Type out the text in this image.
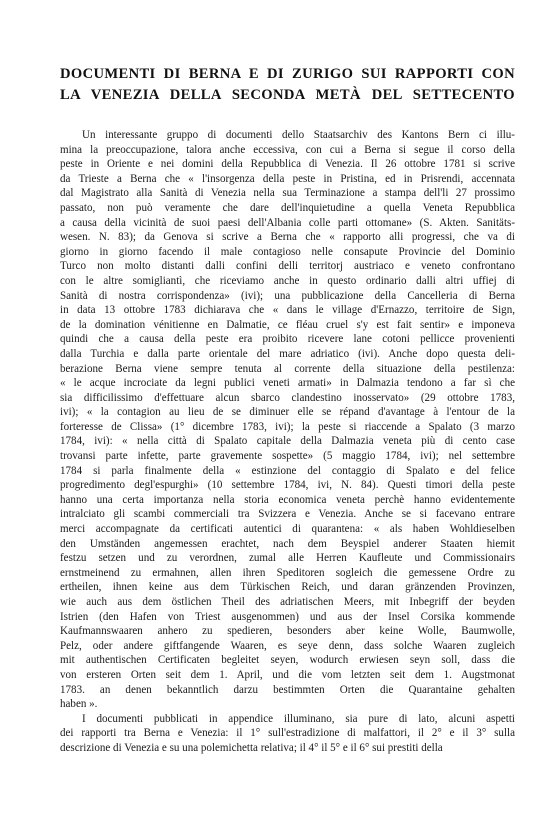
DOCUMENTI DI BERNA E DI ZURIGO SUI RAPPORTI CON
LA VENEZIA DELLA SECONDA METÀ DEL SETTECENTO
Un interessante gruppo di documenti dello Staatsarchiv des Kantons Bern ci illu-
mina la preoccupazione, talora anche eccessiva, con cui a Berna si segue il corso della
peste in Oriente e nei domini della Repubblica di Venezia. Il 26 ottobre 1781 si scrive
da Trieste a Berna che « l'insorgenza della peste in Pristina, ed in Prisrendi, accennata
dal Magistrato alla Sanità di Venezia nella sua Terminazione a stampa dell'li 27 prossimo
passato, non può veramente che dare dell'inquietudine a quella Veneta Repubblica
a causa della vicinità de suoi paesi dell'Albania colle parti ottomane» (S. Akten. Sanitäts-
wesen. N. 83); da Genova si scrive a Berna che « rapporto alli progressi, che va di
giorno in giorno facendo il male contagioso nelle consapute Provincie del Dominio
Turco non molto distanti dalli confini delli territorj austriaco e veneto confrontano
con le altre somigliantì, che riceviamo anche in questo ordinario dalli altri uffiej di
Sanità di nostra corrispondenza» (ivi); una pubblicazione della Cancelleria di Berna
in data 13 ottobre 1783 dichiarava che « dans le village d'Ernazzo, territoire de Sign,
de la domination vénitienne en Dalmatie, ce fléau cruel s'y est fait sentir» e imponeva
quindi che a causa della peste era proibito ricevere lane cotoni pellicce provenienti
dalla Turchia e dalla parte orientale del mare adriatico (ivi). Anche dopo questa deli-
berazione Berna viene sempre tenuta al corrente della situazione della pestilenza:
« le acque incrociate da legni publici veneti armati» in Dalmazia tendono a far sì che
sia difficilissimo d'effettuare alcun sbarco clandestino inosservato» (29 ottobre 1783,
ivi); « la contagion au lieu de se diminuer elle se répand d'avantage à l'entour de la
forteresse de Clissa» (1° dicembre 1783, ivi); la peste si riaccende a Spalato (3 marzo
1784, ivi): « nella città di Spalato capitale della Dalmazia veneta più di cento case
trovansi parte infette, parte gravemente sospette» (5 maggio 1784, ivi); nel settembre
1784 si parla finalmente della « estinzione del contaggio di Spalato e del felice
progredimento degl'espurghi» (10 settembre 1784, ivi, N. 84). Questi timori della peste
hanno una certa importanza nella storia economica veneta perchè hanno evidentemente
intralciato gli scambi commerciali tra Svizzera e Venezia. Anche se si facevano entrare
merci accompagnate da certificati autentici di quarantena: « als haben Wohldieselben
den Umständen angemessen erachtet, nach dem Beyspiel anderer Staaten hiemit
festzu setzen und zu verordnen, zumal alle Herren Kaufleute und Commissionairs
ernstmeinend zu ermahnen, allen ihren Speditoren sogleich die gemessene Ordre zu
ertheilen, ihnen keine aus dem Türkischen Reich, und daran gränzenden Provinzen,
wie auch aus dem östlichen Theil des adriatischen Meers, mit Inbegriff der beyden
Istrien (den Hafen von Triest ausgenommen) und aus der Insel Corsika kommende
Kaufmannswaaren anhero zu spedieren, besonders aber keine Wolle, Baumwolle,
Pelz, oder andere giftfangende Waaren, es seye denn, dass solche Waaren zugleich
mit authentischen Certificaten begleitet seyen, wodurch erwiesen seyn soll, dass die
von ersteren Orten seit dem 1. April, und die vom letzten seit dem 1. Augstmonat
1783. an denen bekanntlich darzu bestimmten Orten die Quarantaine gehalten
haben ».
I documenti pubblicati in appendice illuminano, sia pure di lato, alcuni aspetti
dei rapporti tra Berna e Venezia: il 1° sull'estradizione di malfattori, il 2° e il 3° sulla
descrizione di Venezia e su una polemichetta relativa; il 4° il 5° e il 6° sui prestiti della
